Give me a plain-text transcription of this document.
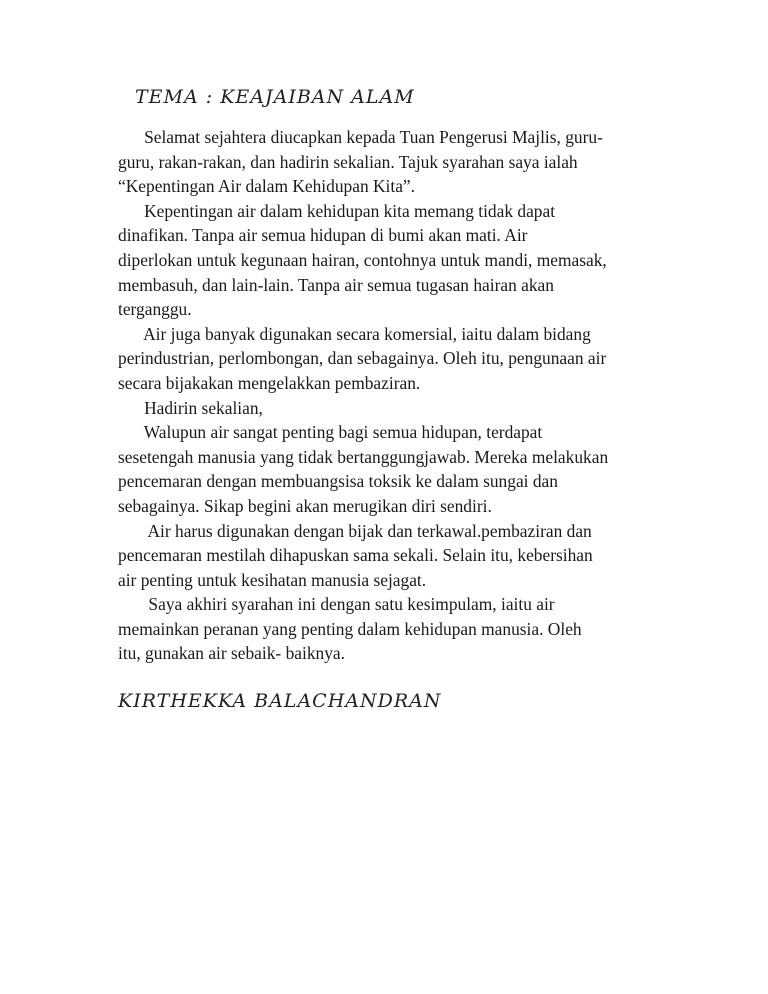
TEMA : KEAJAIBAN ALAM
Selamat sejahtera diucapkan kepada Tuan Pengerusi Majlis, guru-
guru, rakan-rakan, dan hadirin sekalian. Tajuk syarahan saya ialah
“Kepentingan Air dalam Kehidupan Kita”.
Kepentingan air dalam kehidupan kita memang tidak dapat
dinafikan. Tanpa air semua hidupan di bumi akan mati. Air
diperlokan untuk kegunaan hairan, contohnya untuk mandi, memasak,
membasuh, dan lain-lain. Tanpa air semua tugasan hairan akan
terganggu.
Air juga banyak digunakan secara komersial, iaitu dalam bidang
perindustrian, perlombongan, dan sebagainya. Oleh itu, pengunaan air
secara bijakakan mengelakkan pembaziran.
Hadirin sekalian,
Walupun air sangat penting bagi semua hidupan, terdapat
sesetengah manusia yang tidak bertanggungjawab. Mereka melakukan
pencemaran dengan membuangsisa toksik ke dalam sungai dan
sebagainya. Sikap begini akan merugikan diri sendiri.
Air harus digunakan dengan bijak dan terkawal.pembaziran dan
pencemaran mestilah dihapuskan sama sekali. Selain itu, kebersihan
air penting untuk kesihatan manusia sejagat.
Saya akhiri syarahan ini dengan satu kesimpulam, iaitu air
memainkan peranan yang penting dalam kehidupan manusia. Oleh
itu, gunakan air sebaik- baiknya.
KIRTHEKKA BALACHANDRAN
